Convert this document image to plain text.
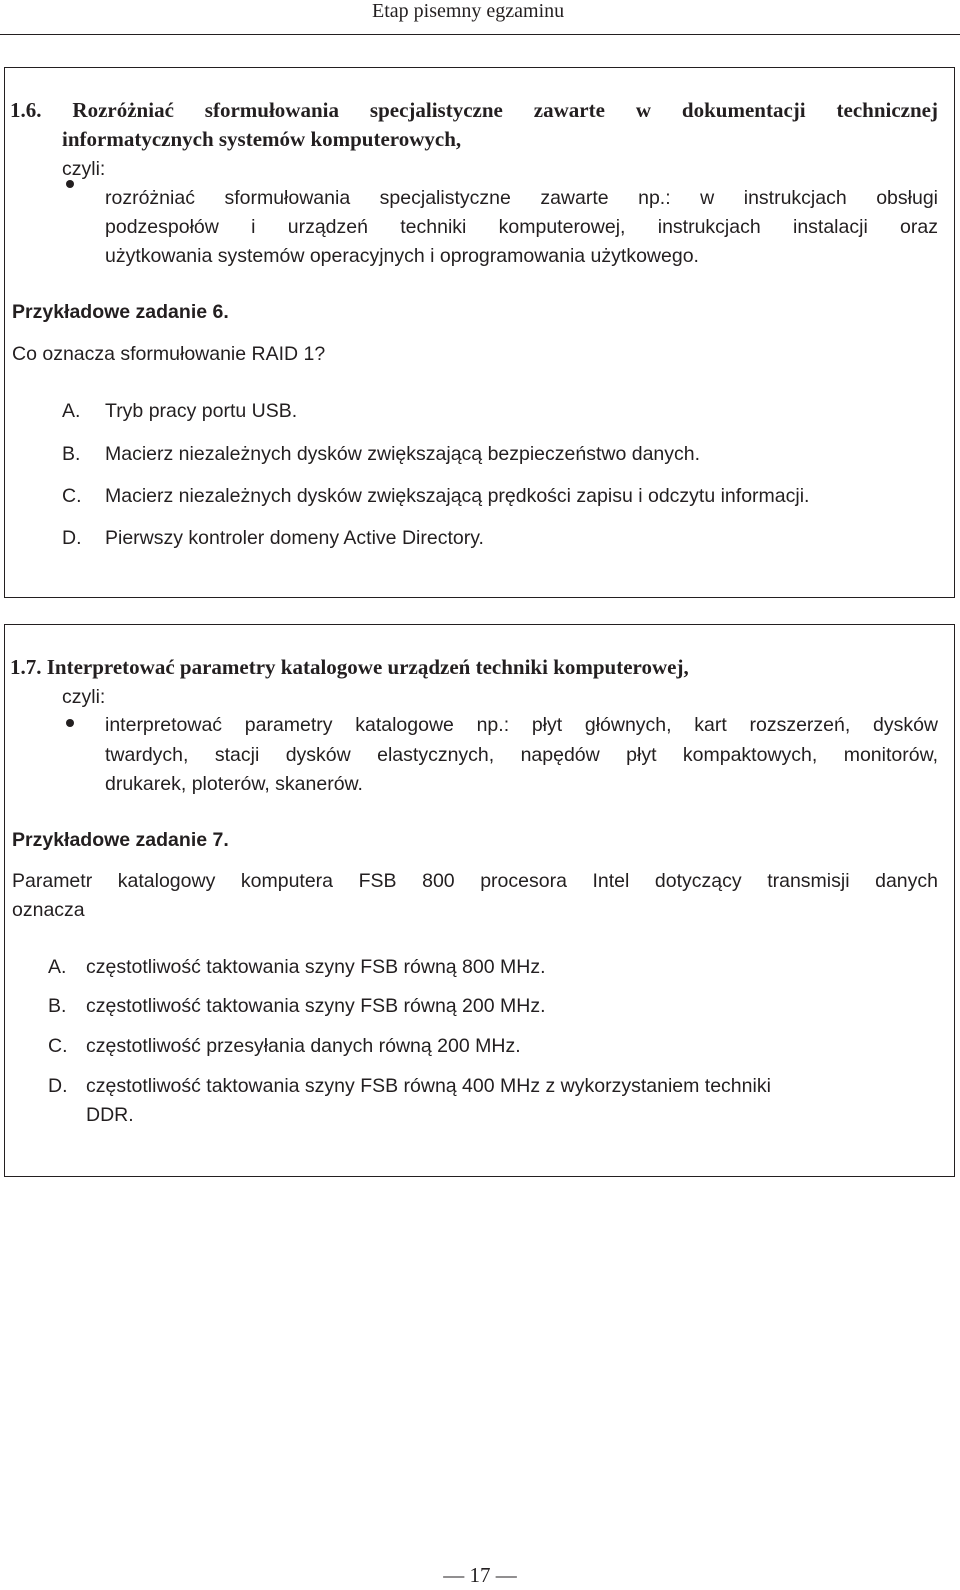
Etap pisemny egzaminu
1.6. Rozróżniać sformułowania specjalistyczne zawarte w dokumentacji technicznej
informatycznych systemów komputerowych,
czyli:
rozróżniać sformułowania specjalistyczne zawarte np.: w instrukcjach obsługi
podzespołów i urządzeń techniki komputerowej, instrukcjach instalacji oraz
użytkowania systemów operacyjnych i oprogramowania użytkowego.
Przykładowe zadanie 6.
Co oznacza sformułowanie RAID 1?
A. Tryb pracy portu USB.
B. Macierz niezależnych dysków zwiększającą bezpieczeństwo danych.
C. Macierz niezależnych dysków zwiększającą prędkości zapisu i odczytu informacji.
D. Pierwszy kontroler domeny Active Directory.
1.7. Interpretować parametry katalogowe urządzeń techniki komputerowej,
czyli:
interpretować parametry katalogowe np.: płyt głównych, kart rozszerzeń, dysków
twardych, stacji dysków elastycznych, napędów płyt kompaktowych, monitorów,
drukarek, ploterów, skanerów.
Przykładowe zadanie 7.
Parametr katalogowy komputera FSB 800 procesora Intel dotyczący transmisji danych
oznacza
A. częstotliwość taktowania szyny FSB równą 800 MHz.
B. częstotliwość taktowania szyny FSB równą 200 MHz.
C. częstotliwość przesyłania danych równą 200 MHz.
D. częstotliwość taktowania szyny FSB równą 400 MHz z wykorzystaniem techniki
DDR.
— 17 —
